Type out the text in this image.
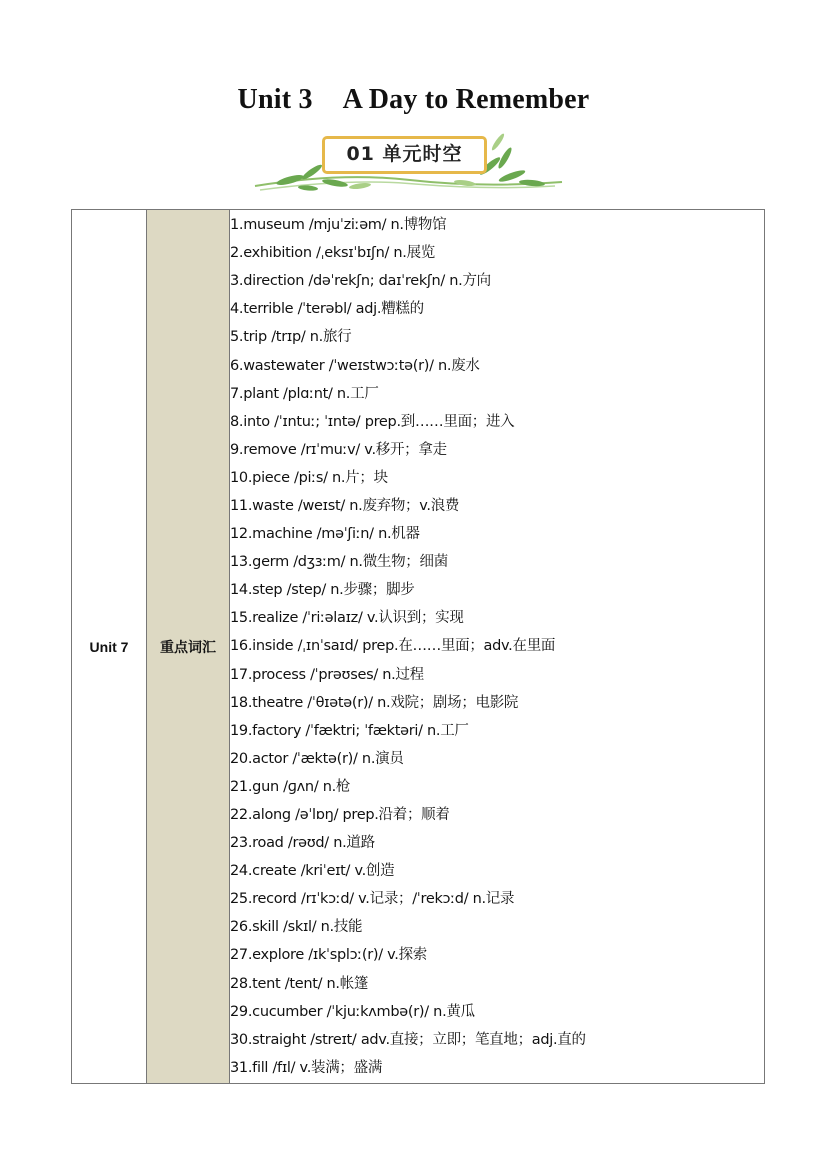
Unit 3 A Day to Remember
01 单元时空
Unit 7	重点词汇	
1.museum /mjuˈziːəm/ n.博物馆
2.exhibition /ˌeksɪˈbɪʃn/ n.展览
3.direction /dəˈrekʃn; daɪˈrekʃn/ n.方向
4.terrible /ˈterəbl/ adj.糟糕的
5.trip /trɪp/ n.旅行
6.wastewater /ˈweɪstwɔːtə(r)/ n.废水
7.plant /plɑːnt/ n.工厂
8.into /ˈɪntuː; ˈɪntə/ prep.到……里面；进入
9.remove /rɪˈmuːv/ v.移开；拿走
10.piece /piːs/ n.片；块
11.waste /weɪst/ n.废弃物；v.浪费
12.machine /məˈʃiːn/ n.机器
13.germ /dʒɜːm/ n.微生物；细菌
14.step /step/ n.步骤；脚步
15.realize /ˈriːəlaɪz/ v.认识到；实现
16.inside /ˌɪnˈsaɪd/ prep.在……里面；adv.在里面
17.process /ˈprəʊses/ n.过程
18.theatre /ˈθɪətə(r)/ n.戏院；剧场；电影院
19.factory /ˈfæktri; ˈfæktəri/ n.工厂
20.actor /ˈæktə(r)/ n.演员
21.gun /ɡʌn/ n.枪
22.along /əˈlɒŋ/ prep.沿着；顺着
23.road /rəʊd/ n.道路
24.create /kriˈeɪt/ v.创造
25.record /rɪˈkɔːd/ v.记录；/ˈrekɔːd/ n.记录
26.skill /skɪl/ n.技能
27.explore /ɪkˈsplɔː(r)/ v.探索
28.tent /tent/ n.帐篷
29.cucumber /ˈkjuːkʌmbə(r)/ n.黄瓜
30.straight /streɪt/ adv.直接；立即；笔直地；adj.直的
31.fill /fɪl/ v.装满；盛满
